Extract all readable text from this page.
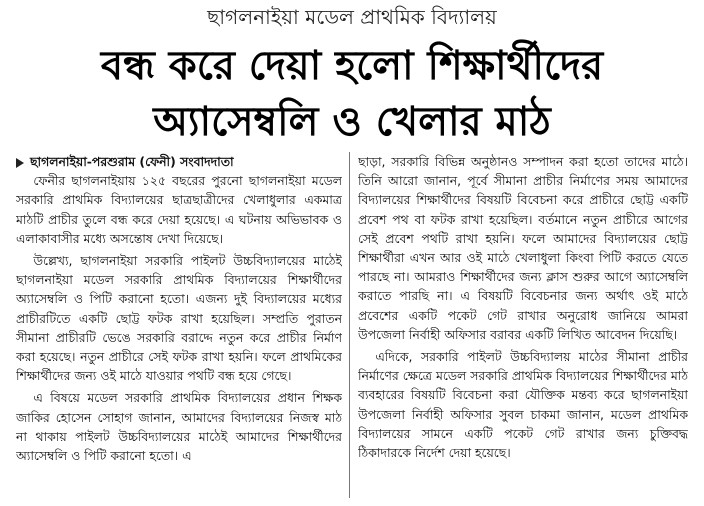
ছাগলনাইয়া মডেল প্রাথমিক বিদ্যালয়
বন্ধ করে দেয়া হলো শিক্ষার্থীদের
অ্যাসেম্বলি ও খেলার মাঠ
ছাগলনাইয়া-পরশুরাম (ফেনী) সংবাদদাতা

ফেনীর ছাগলনাইয়ায় ১২৫ বছরের পুরনো ছাগলনাইয়া মডেল সরকারি প্রাথমিক বিদ্যালয়ের ছাত্রছাত্রীদের খেলাধুলার একমাত্র মাঠটি প্রাচীর তুলে বন্ধ করে দেয়া হয়েছে। এ ঘটনায় অভিভাবক ও এলাকাবাসীর মধ্যে অসন্তোষ দেখা দিয়েছে।

উল্লেখ্য, ছাগলনাইয়া সরকারি পাইলট উচ্চবিদ্যালয়ের মাঠেই ছাগলনাইয়া মডেল সরকারি প্রাথমিক বিদ্যালয়ের শিক্ষার্থীদের অ্যাসেম্বলি ও পিটি করানো হতো। এজন্য দুই বিদ্যালয়ের মধ্যের প্রাচীরটিতে একটি ছোট্ট ফটক রাখা হয়েছিল। সম্প্রতি পুরাতন সীমানা প্রাচীরটি ভেঙে সরকারি বরাদ্দে নতুন করে প্রাচীর নির্মাণ করা হয়েছে। নতুন প্রাচীরে সেই ফটক রাখা হয়নি। ফলে প্রাথমিকের শিক্ষার্থীদের জন্য ওই মাঠে যাওয়ার পথটি বন্ধ হয়ে গেছে।

এ বিষয়ে মডেল সরকারি প্রাথমিক বিদ্যালয়ের প্রধান শিক্ষক জাকির হোসেন সোহাগ জানান, আমাদের বিদ্যালয়ের নিজস্ব মাঠ না থাকায় পাইলট উচ্চবিদ্যালয়ের মাঠেই আমাদের শিক্ষার্থীদের অ্যাসেম্বলি ও পিটি করানো হতো। এ

ছাড়া, সরকারি বিভিন্ন অনুষ্ঠানও সম্পাদন করা হতো তাদের মাঠে। তিনি আরো জানান, পূর্বে সীমানা প্রাচীর নির্মাণের সময় আমাদের বিদ্যালয়ের শিক্ষার্থীদের বিষয়টি বিবেচনা করে প্রাচীরে ছোট্ট একটি প্রবেশ পথ বা ফটক রাখা হয়েছিল। বর্তমানে নতুন প্রাচীরে আগের সেই প্রবেশ পথটি রাখা হয়নি। ফলে আমাদের বিদ্যালয়ের ছোট্ট শিক্ষার্থীরা এখন আর ওই মাঠে খেলাধুলা কিংবা পিটি করতে যেতে পারছে না। আমরাও শিক্ষার্থীদের জন্য ক্লাস শুরুর আগে অ্যাসেম্বলি করাতে পারছি না। এ বিষয়টি বিবেচনার জন্য অর্থাৎ ওই মাঠে প্রবেশের একটি পকেট গেট রাখার অনুরোধ জানিয়ে আমরা উপজেলা নির্বাহী অফিসার বরাবর একটি লিখিত আবেদন দিয়েছি।

এদিকে, সরকারি পাইলট উচ্চবিদ্যালয় মাঠের সীমানা প্রাচীর নির্মাণের ক্ষেত্রে মডেল সরকারি প্রাথমিক বিদ্যালয়ের শিক্ষার্থীদের মাঠ ব্যবহারের বিষয়টি বিবেচনা করা যৌক্তিক মন্তব্য করে ছাগলনাইয়া উপজেলা নির্বাহী অফিসার সুবল চাকমা জানান, মডেল প্রাথমিক বিদ্যালয়ের সামনে একটি পকেট গেট রাখার জন্য চুক্তিবদ্ধ ঠিকাদারকে নির্দেশ দেয়া হয়েছে।
